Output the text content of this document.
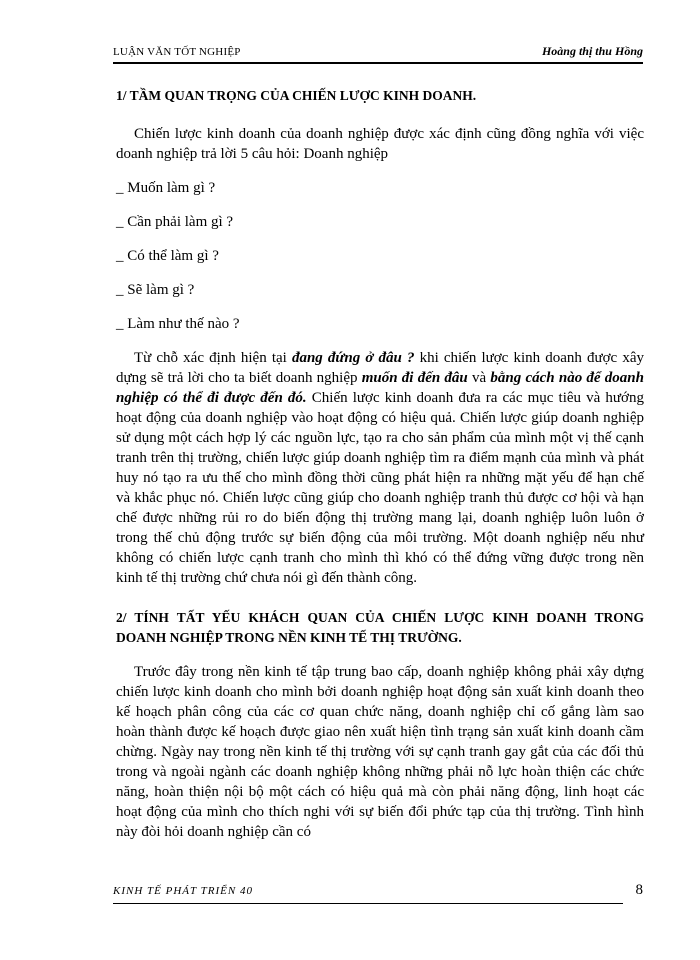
LUẬN VĂN TỐT NGHIỆP	Hoàng thị thu Hồng

1/ TẦM QUAN TRỌNG CỦA CHIẾN LƯỢC KINH DOANH.

Chiến lược kinh doanh của doanh nghiệp được xác định cũng đồng nghĩa với việc doanh nghiệp trả lời 5 câu hỏi: Doanh nghiệp

_ Muốn làm gì ?

_ Cần phải làm gì ?

_ Có thể làm gì ?

_ Sẽ làm gì ?

_ Làm như thế nào ?

Từ chỗ xác định hiện tại đang đứng ở đâu ? khi chiến lược kinh doanh được xây dựng sẽ trả lời cho ta biết doanh nghiệp muốn đi đến đâu và bằng cách nào để doanh nghiệp có thể đi được đến đó. Chiến lược kinh doanh đưa ra các mục tiêu và hướng hoạt động của doanh nghiệp vào hoạt động có hiệu quả. Chiến lược giúp doanh nghiệp sử dụng một cách hợp lý các nguồn lực, tạo ra cho sản phẩm của mình một vị thế cạnh tranh trên thị trường, chiến lược giúp doanh nghiệp tìm ra điểm mạnh của mình và phát huy nó tạo ra ưu thế cho mình đồng thời cũng phát hiện ra những mặt yếu để hạn chế và khắc phục nó. Chiến lược cũng giúp cho doanh nghiệp tranh thủ được cơ hội và hạn chế được những rủi ro do biến động thị trường mang lại, doanh nghiệp luôn luôn ở trong thế chủ động trước sự biến động của môi trường. Một doanh nghiệp nếu như không có chiến lược cạnh tranh cho mình thì khó có thể đứng vững được trong nền kinh tế thị trường chứ chưa nói gì đến thành công.

2/ TÍNH TẤT YẾU KHÁCH QUAN CỦA CHIẾN LƯỢC KINH DOANH TRONG DOANH NGHIỆP TRONG NỀN KINH TẾ THỊ TRƯỜNG.

Trước đây trong nền kinh tế tập trung bao cấp, doanh nghiệp không phải xây dựng chiến lược kinh doanh cho mình bởi doanh nghiệp hoạt động sản xuất kinh doanh theo kế hoạch phân công của các cơ quan chức năng, doanh nghiệp chỉ cố gắng làm sao hoàn thành được kế hoạch được giao nên xuất hiện tình trạng sản xuất kinh doanh cầm chừng. Ngày nay trong nền kinh tế thị trường với sự cạnh tranh gay gắt của các đối thủ trong và ngoài ngành các doanh nghiệp không những phải nỗ lực hoàn thiện các chức năng, hoàn thiện nội bộ một cách có hiệu quả mà còn phải năng động, linh hoạt các hoạt động của mình cho thích nghi với sự biến đổi phức tạp của thị trường. Tình hình này đòi hỏi doanh nghiệp cần có

KINH TẾ PHÁT TRIỂN 40	8
